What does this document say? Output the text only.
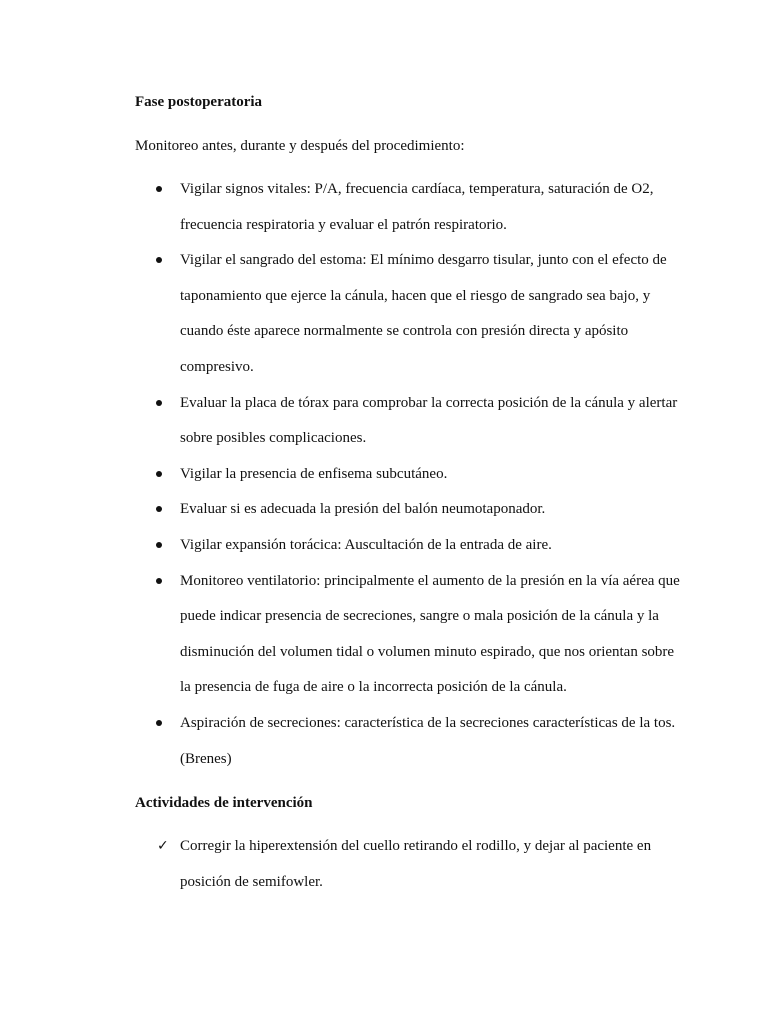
Fase postoperatoria

Monitoreo antes, durante y después del procedimiento:

Vigilar signos vitales: P/A, frecuencia cardíaca, temperatura, saturación de O2, frecuencia respiratoria y evaluar el patrón respiratorio.
Vigilar el sangrado del estoma: El mínimo desgarro tisular, junto con el efecto de taponamiento que ejerce la cánula, hacen que el riesgo de sangrado sea bajo, y cuando éste aparece normalmente se controla con presión directa y apósito compresivo.
Evaluar la placa de tórax para comprobar la correcta posición de la cánula y alertar sobre posibles complicaciones.
Vigilar la presencia de enfisema subcutáneo.
Evaluar si es adecuada la presión del balón neumotaponador.
Vigilar expansión torácica: Auscultación de la entrada de aire.
Monitoreo ventilatorio: principalmente el aumento de la presión en la vía aérea que puede indicar presencia de secreciones, sangre o mala posición de la cánula y la disminución del volumen tidal o volumen minuto espirado, que nos orientan sobre la presencia de fuga de aire o la incorrecta posición de la cánula.
Aspiración de secreciones: característica de la secreciones características de la tos. (Brenes)

Actividades de intervención

✓ Corregir la hiperextensión del cuello retirando el rodillo, y dejar al paciente en posición de semifowler.
